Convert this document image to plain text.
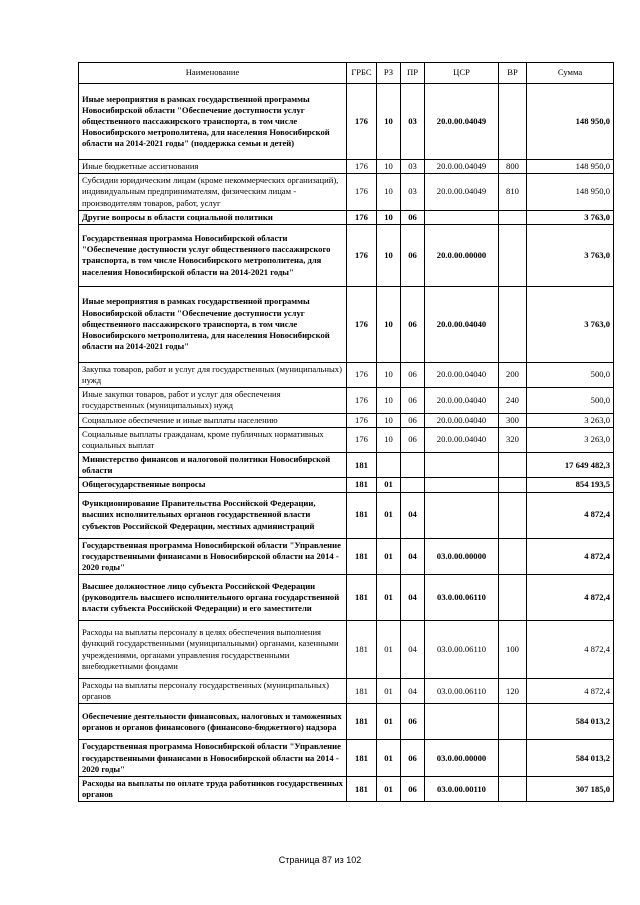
Наименование	ГРБС	РЗ	ПР	ЦСР	ВР	Сумма
Иные мероприятия в рамках государственной программы Новосибирской области "Обеспечение доступности услуг общественного пассажирского транспорта, в том числе Новосибирского метрополитена, для населения Новосибирской области на 2014-2021 годы" (поддержка семьи и детей)	176	10	03	20.0.00.04049		148 950,0
Иные бюджетные ассигнования	176	10	03	20.0.00.04049	800	148 950,0
Субсидии юридическим лицам (кроме некоммерческих организаций), индивидуальным предпринимателям, физическим лицам - производителям товаров, работ, услуг	176	10	03	20.0.00.04049	810	148 950,0
Другие вопросы в области социальной политики	176	10	06			3 763,0
Государственная программа Новосибирской области "Обеспечение доступности услуг общественного пассажирского транспорта, в том числе Новосибирского метрополитена, для населения Новосибирской области на 2014-2021 годы"	176	10	06	20.0.00.00000		3 763,0
Иные мероприятия в рамках государственной программы Новосибирской области "Обеспечение доступности услуг общественного пассажирского транспорта, в том числе Новосибирского метрополитена, для населения Новосибирской области на 2014-2021 годы"	176	10	06	20.0.00.04040		3 763,0
Закупка товаров, работ и услуг для государственных (муниципальных) нужд	176	10	06	20.0.00.04040	200	500,0
Иные закупки товаров, работ и услуг для обеспечения государственных (муниципальных) нужд	176	10	06	20.0.00.04040	240	500,0
Социальное обеспечение и иные выплаты населению	176	10	06	20.0.00.04040	300	3 263,0
Социальные выплаты гражданам, кроме публичных нормативных социальных выплат	176	10	06	20.0.00.04040	320	3 263,0
Министерство финансов и налоговой политики Новосибирской области	181					17 649 482,3
Общегосударственные вопросы	181	01				854 193,5
Функционирование Правительства Российской Федерации, высших исполнительных органов государственной власти субъектов Российской Федерации, местных администраций	181	01	04			4 872,4
Государственная программа Новосибирской области "Управление государственными финансами в Новосибирской области на 2014 - 2020 годы"	181	01	04	03.0.00.00000		4 872,4
Высшее должностное лицо субъекта Российской Федерации (руководитель высшего исполнительного органа государственной власти субъекта Российской Федерации) и его заместители	181	01	04	03.0.00.06110		4 872,4
Расходы на выплаты персоналу в целях обеспечения выполнения функций государственными (муниципальными) органами, казенными учреждениями, органами управления государственными внебюджетными фондами	181	01	04	03.0.00.06110	100	4 872,4
Расходы на выплаты персоналу государственных (муниципальных) органов	181	01	04	03.0.00.06110	120	4 872,4
Обеспечение деятельности финансовых, налоговых и таможенных органов и органов финансового (финансово-бюджетного) надзора	181	01	06			584 013,2
Государственная программа Новосибирской области "Управление государственными финансами в Новосибирской области на 2014 - 2020 годы"	181	01	06	03.0.00.00000		584 013,2
Расходы на выплаты по оплате труда работников государственных органов	181	01	06	03.0.00.00110		307 185,0
Страница 87 из 102
